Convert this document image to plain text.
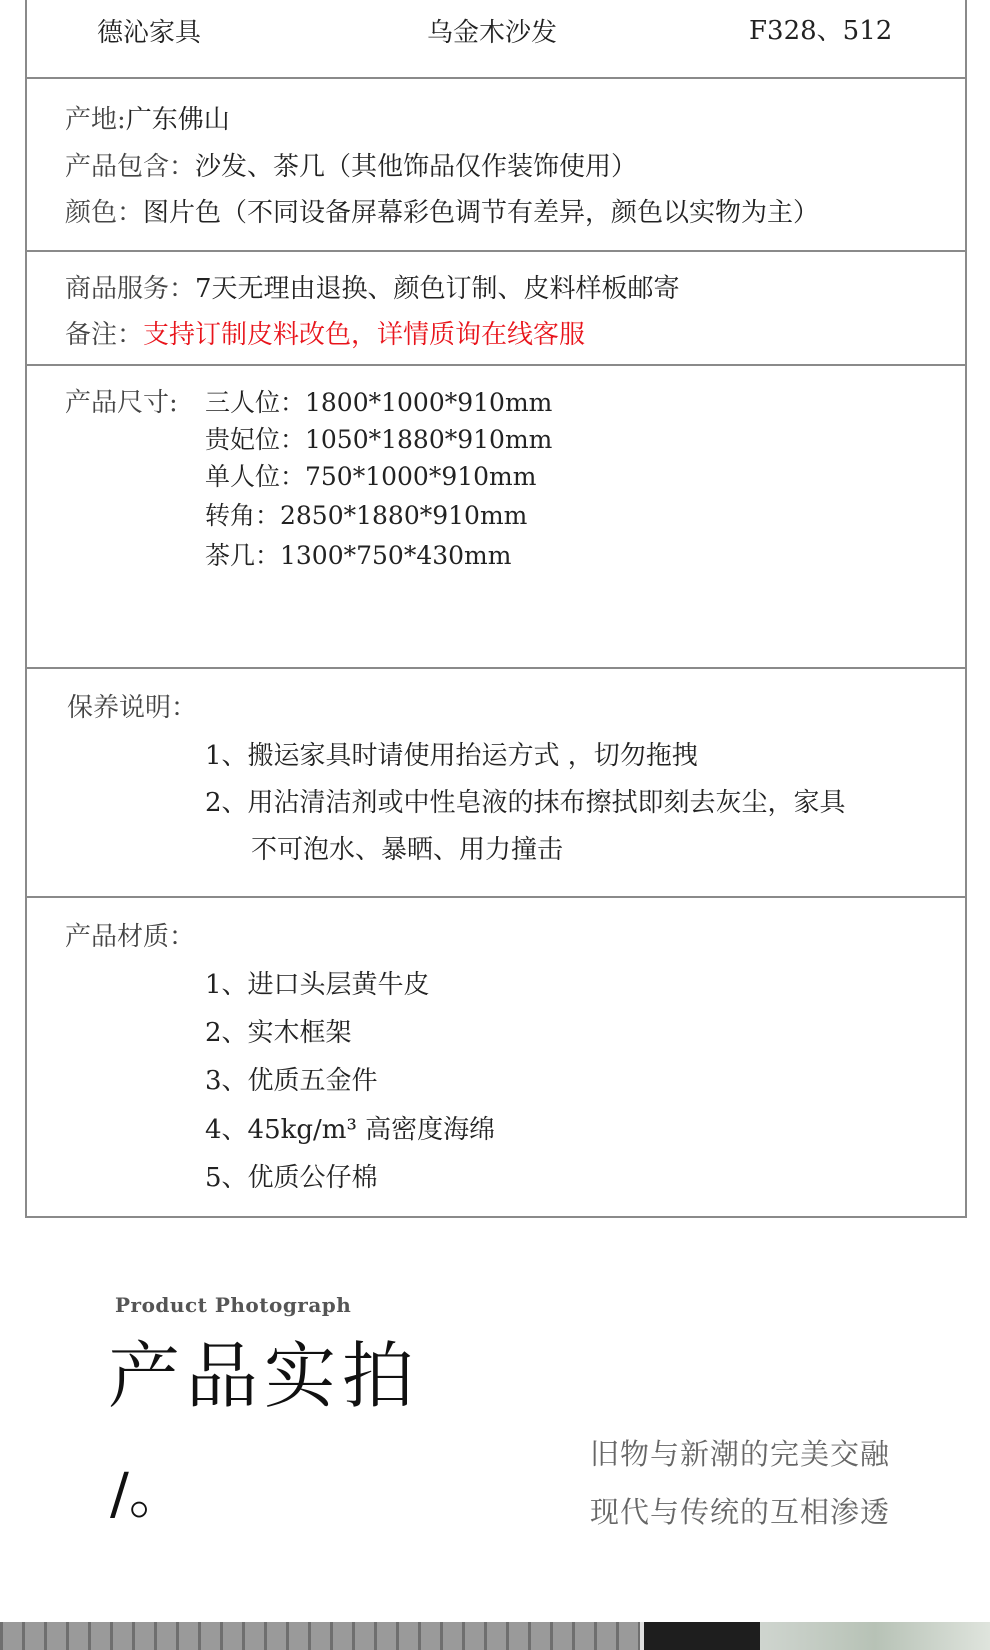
德沁家具	乌金木沙发	F328、512
产地:广东佛山
产品包含：沙发、茶几（其他饰品仅作装饰使用）
颜色：图片色（不同设备屏幕彩色调节有差异，颜色以实物为主）
商品服务：7天无理由退换、颜色订制、皮料样板邮寄
备注：支持订制皮料改色，详情质询在线客服
产品尺寸: 三人位：1800*1000*910mm
贵妃位：1050*1880*910mm
单人位：750*1000*910mm
转角：2850*1880*910mm
茶几：1300*750*430mm
保养说明：
1、搬运家具时请使用抬运方式 ，切勿拖拽
2、用沾清洁剂或中性皂液的抹布擦拭即刻去灰尘，家具
不可泡水、暴晒、用力撞击
产品材质：
1、进口头层黄牛皮
2、实木框架
3、优质五金件
4、45kg/m³ 高密度海绵
5、优质公仔棉
Product Photograph
产品实拍
/。
旧物与新潮的完美交融
现代与传统的互相渗透
